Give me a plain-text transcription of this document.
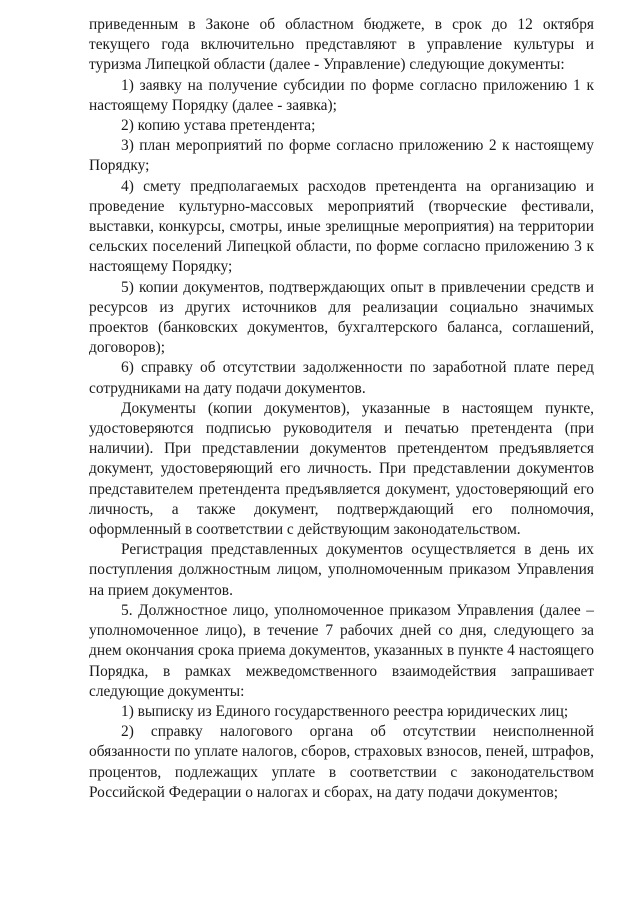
приведенным в Законе об областном бюджете, в срок до 12 октября текущего года включительно представляют в управление культуры и туризма Липецкой области (далее - Управление) следующие документы:

1) заявку на получение субсидии по форме согласно приложению 1 к настоящему Порядку (далее - заявка);

2) копию устава претендента;

3) план мероприятий по форме согласно приложению 2 к настоящему Порядку;

4) смету предполагаемых расходов претендента на организацию и проведение культурно-массовых мероприятий (творческие фестивали, выставки, конкурсы, смотры, иные зрелищные мероприятия) на территории сельских поселений Липецкой области, по форме согласно приложению 3 к настоящему Порядку;

5) копии документов, подтверждающих опыт в привлечении средств и ресурсов из других источников для реализации социально значимых проектов (банковских документов, бухгалтерского баланса, соглашений, договоров);

6) справку об отсутствии задолженности по заработной плате перед сотрудниками на дату подачи документов.

Документы (копии документов), указанные в настоящем пункте, удостоверяются подписью руководителя и печатью претендента (при наличии). При представлении документов претендентом предъявляется документ, удостоверяющий его личность. При представлении документов представителем претендента предъявляется документ, удостоверяющий его личность, а также документ, подтверждающий его полномочия, оформленный в соответствии с действующим законодательством.

Регистрация представленных документов осуществляется в день их поступления должностным лицом, уполномоченным приказом Управления на прием документов.

5. Должностное лицо, уполномоченное приказом Управления (далее – уполномоченное лицо), в течение 7 рабочих дней со дня, следующего за днем окончания срока приема документов, указанных в пункте 4 настоящего Порядка, в рамках межведомственного взаимодействия запрашивает следующие документы:

1) выписку из Единого государственного реестра юридических лиц;

2) справку налогового органа об отсутствии неисполненной обязанности по уплате налогов, сборов, страховых взносов, пеней, штрафов, процентов, подлежащих уплате в соответствии с законодательством Российской Федерации о налогах и сборах, на дату подачи документов;
